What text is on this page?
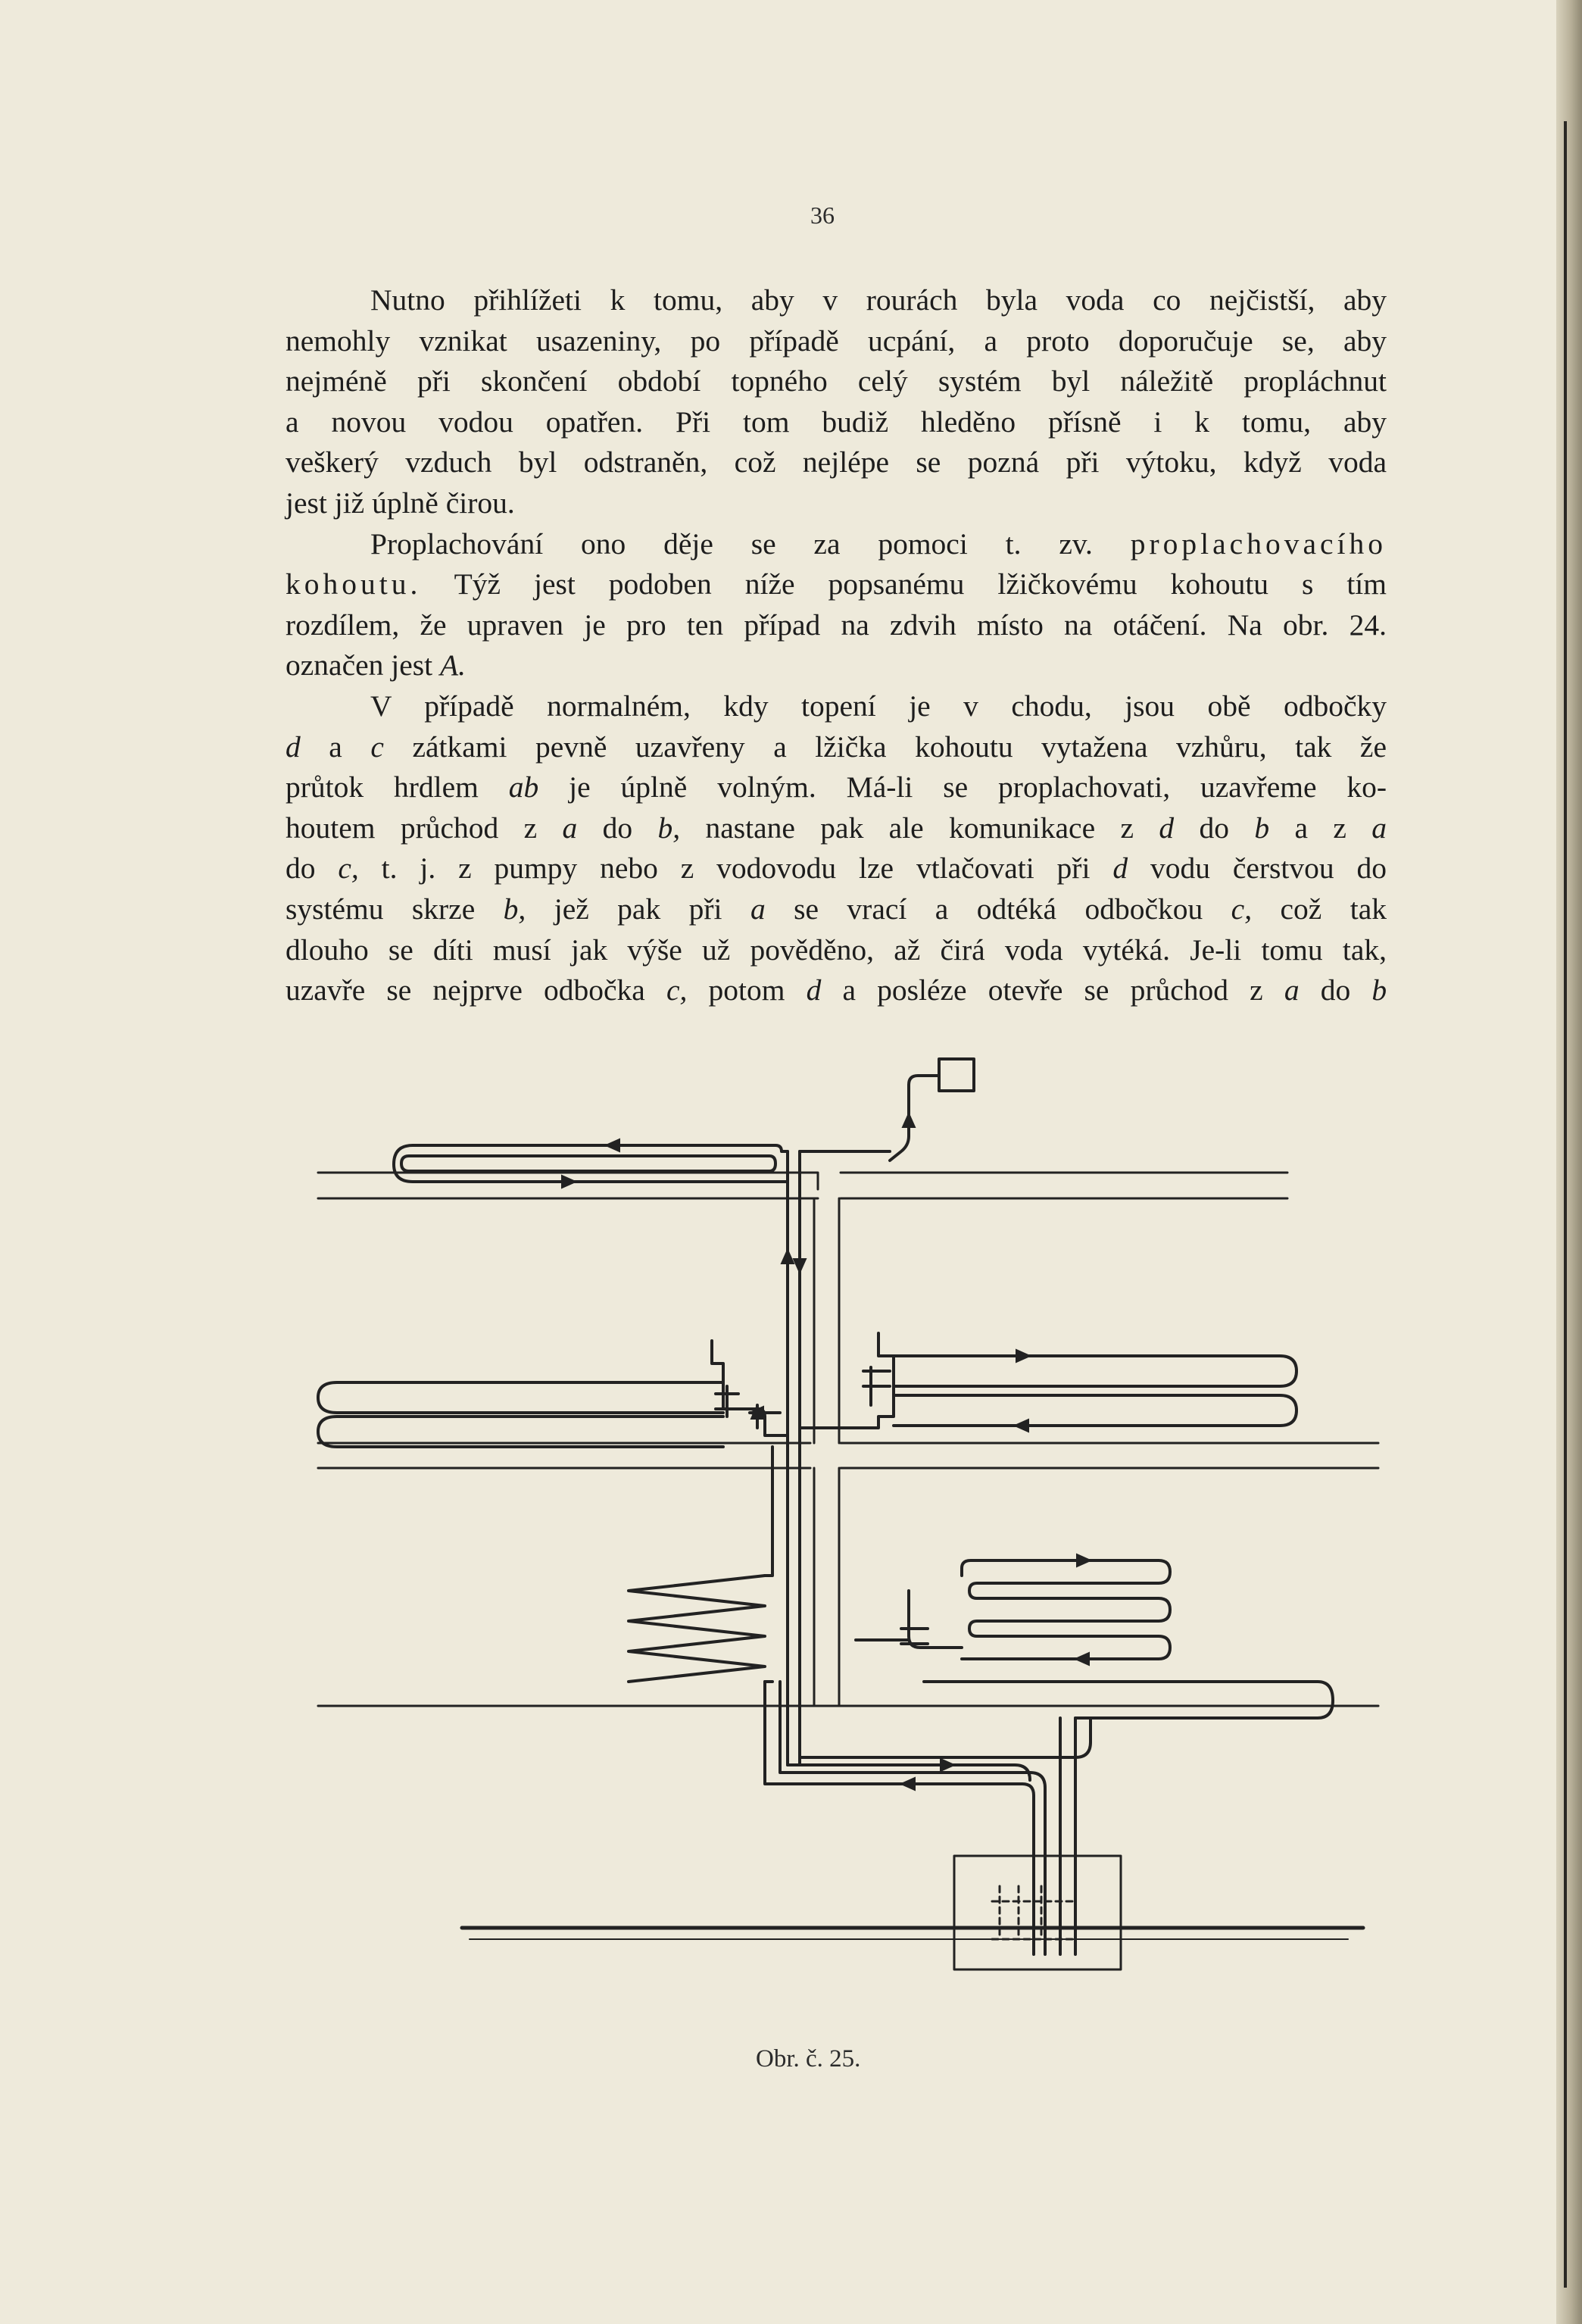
36
Nutno přihlížeti k tomu, aby v rourách byla voda co nejčistší, aby
nemohly vznikat usazeniny, po případě ucpání, a proto doporučuje se, aby
nejméně při skončení období topného celý systém byl náležitě propláchnut
a novou vodou opatřen. Při tom budiž hleděno přísně i k tomu, aby
veškerý vzduch byl odstraněn, což nejlépe se pozná při výtoku, když voda
jest již úplně čirou.
Proplachování ono děje se za pomoci t. zv. proplachovacího
kohoutu. Týž jest podoben níže popsanému lžičkovému kohoutu s tím
rozdílem, že upraven je pro ten případ na zdvih místo na otáčení. Na obr. 24.
označen jest A.
V případě normalném, kdy topení je v chodu, jsou obě odbočky
d a c zátkami pevně uzavřeny a lžička kohoutu vytažena vzhůru, tak že
průtok hrdlem ab je úplně volným. Má-li se proplachovati, uzavřeme ko-
houtem průchod z a do b, nastane pak ale komunikace z d do b a z a
do c, t. j. z pumpy nebo z vodovodu lze vtlačovati při d vodu čerstvou do
systému skrze b, jež pak při a se vrací a odtéká odbočkou c, což tak
dlouho se díti musí jak výše už pověděno, až čirá voda vytéká. Je-li tomu tak,
uzavře se nejprve odbočka c, potom d a posléze otevře se průchod z a do b
Obr. č. 25.
